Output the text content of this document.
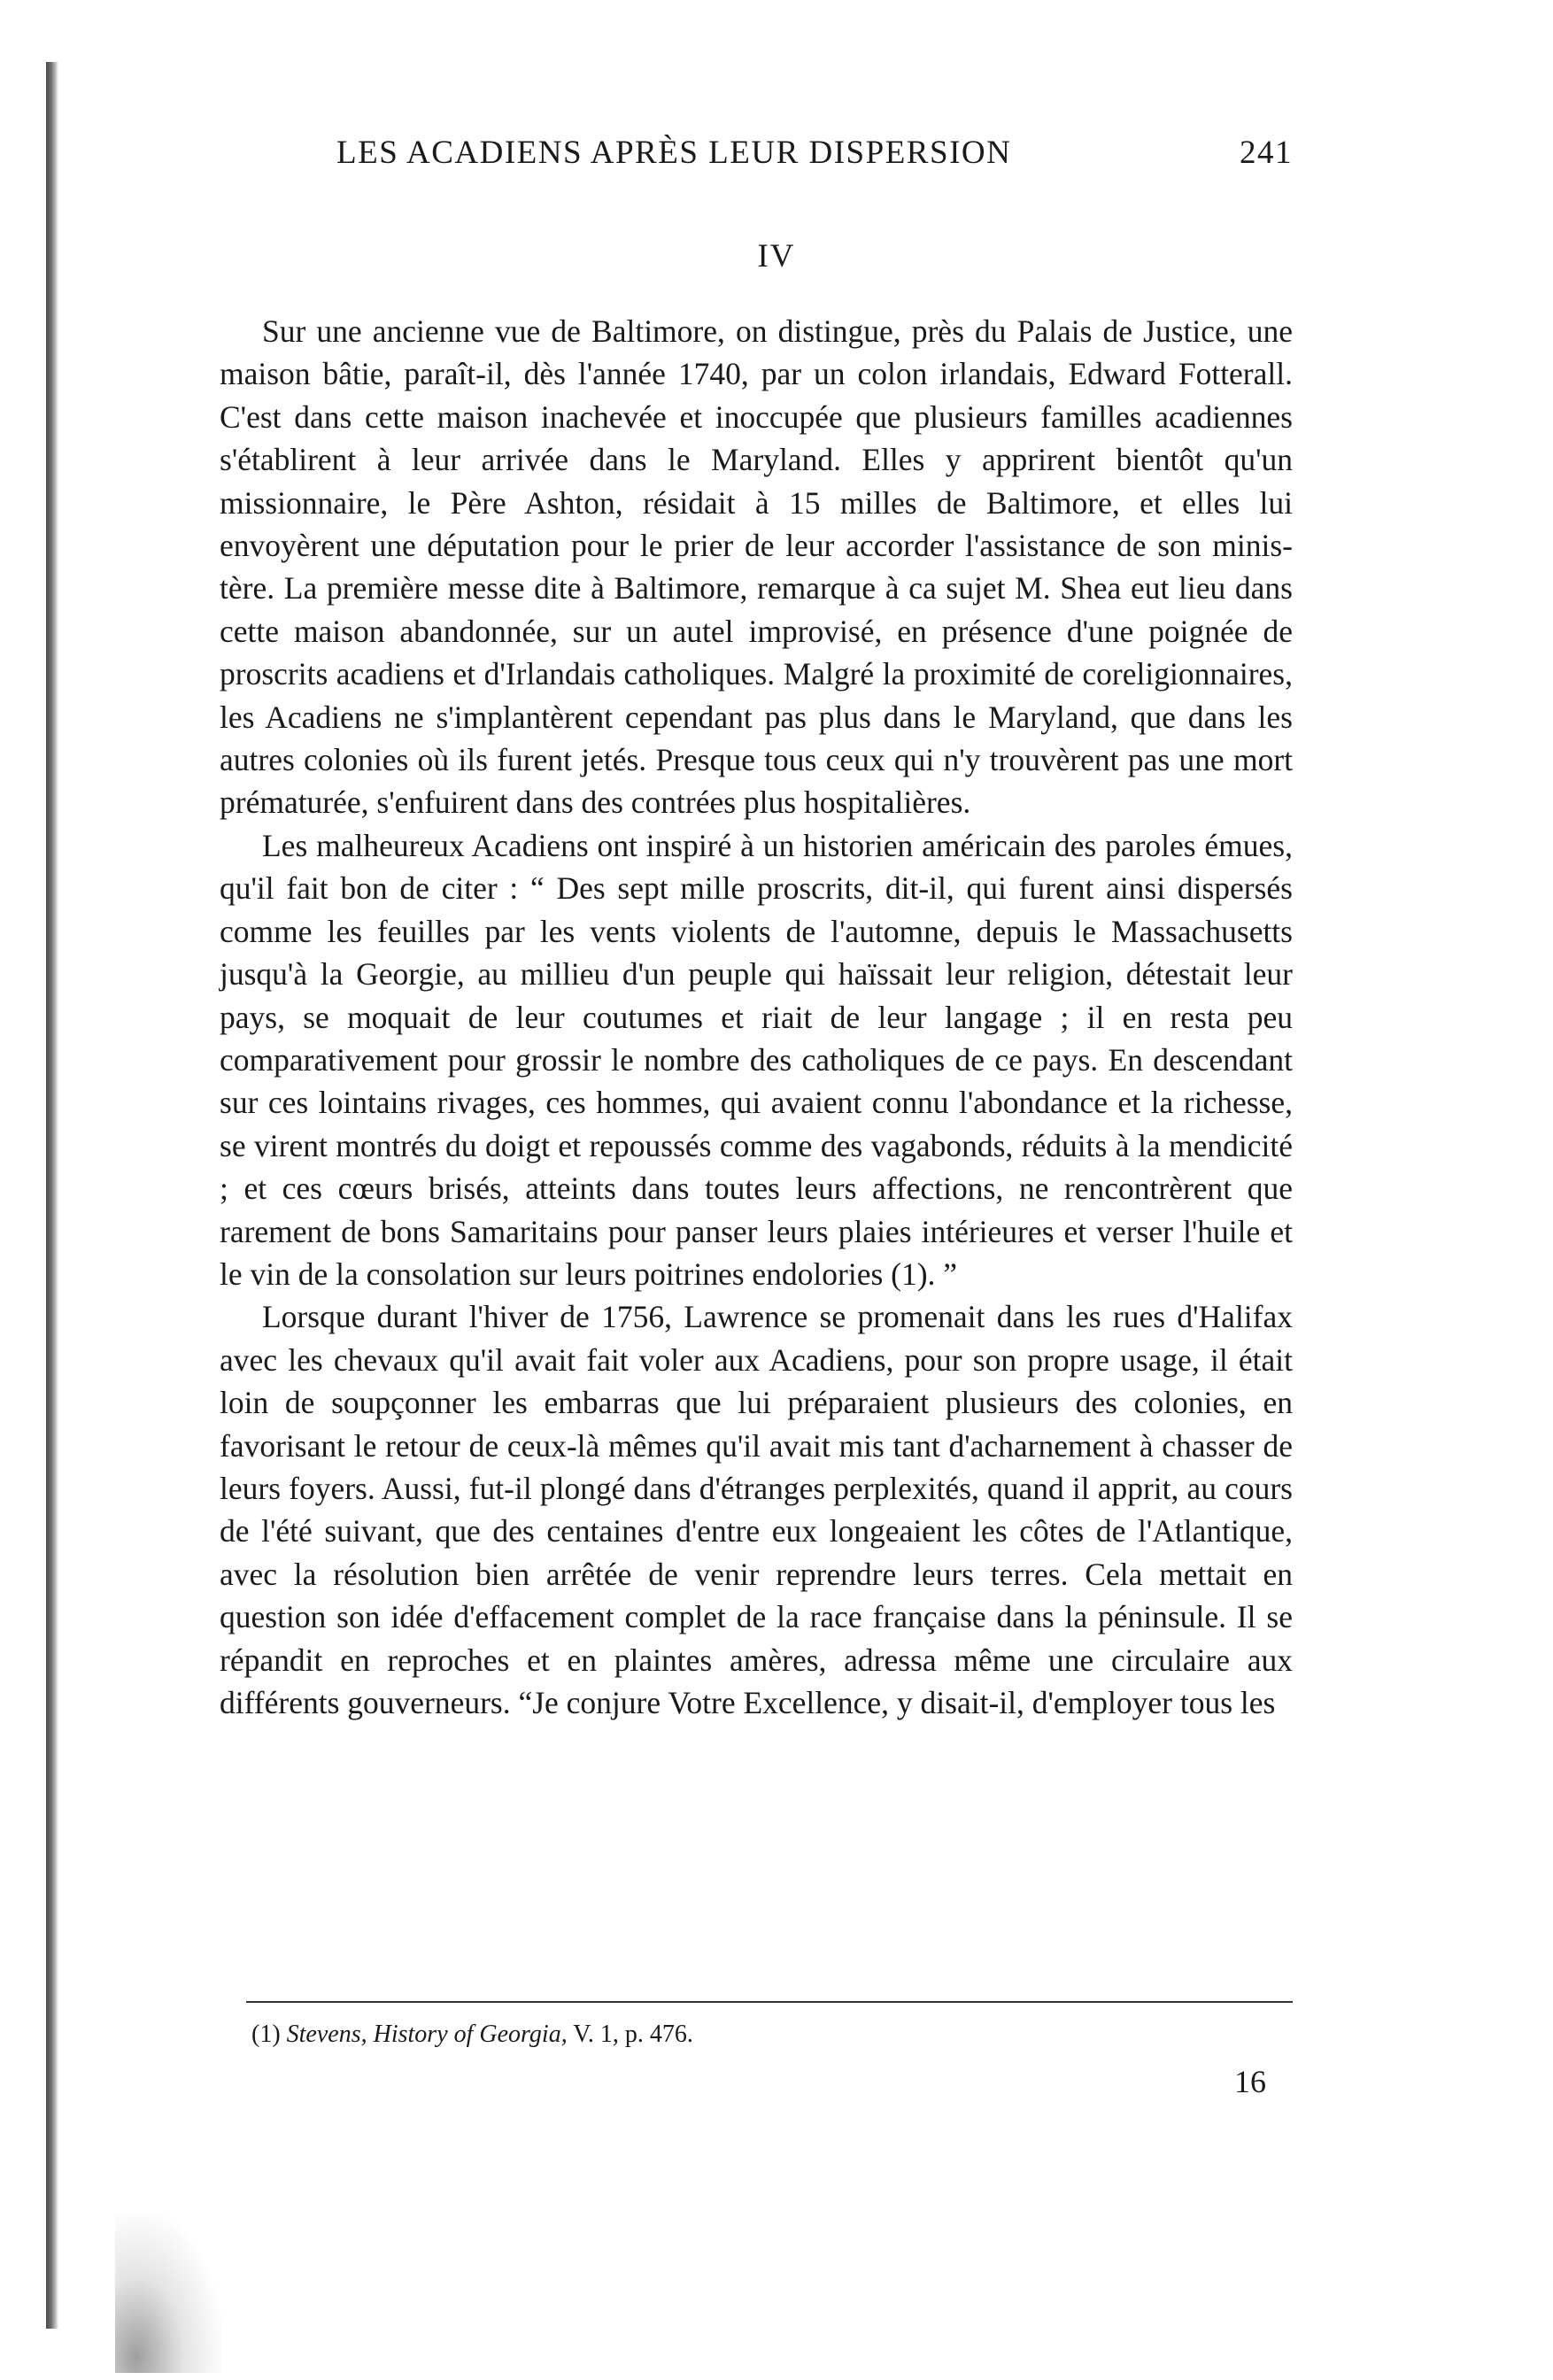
LES ACADIENS APRÈS LEUR DISPERSION	241
IV

Sur une ancienne vue de Baltimore, on distingue, près du Palais de Justice, une maison bâtie, paraît-il, dès l'année 1740, par un colon irlandais, Edward Fotterall. C'est dans cette maison inachevée et inoccupée que plusieurs familles acadiennes s'établirent à leur arrivée dans le Maryland. Elles y apprirent bientôt qu'un missionnaire, le Père Ashton, résidait à 15 milles de Baltimore, et elles lui envoyèrent une députation pour le prier de leur accorder l'assistance de son ministère. La première messe dite à Baltimore, remarque à ca sujet M. Shea eut lieu dans cette maison abandonnée, sur un autel improvisé, en présence d'une poignée de proscrits acadiens et d'Irlandais catholiques. Malgré la proximité de coreligionnaires, les Acadiens ne s'implantèrent cependant pas plus dans le Maryland, que dans les autres colonies où ils furent jetés. Presque tous ceux qui n'y trouvèrent pas une mort prématurée, s'enfuirent dans des contrées plus hospitalières.

Les malheureux Acadiens ont inspiré à un historien américain des paroles émues, qu'il fait bon de citer : “ Des sept mille proscrits, dit-il, qui furent ainsi dispersés comme les feuilles par les vents violents de l'automne, depuis le Massachusetts jusqu'à la Georgie, au millieu d'un peuple qui haïssait leur religion, détestait leur pays, se moquait de leur coutumes et riait de leur langage ; il en resta peu comparativement pour grossir le nombre des catholiques de ce pays. En descendant sur ces lointains rivages, ces hommes, qui avaient connu l'abondance et la richesse, se virent montrés du doigt et repoussés comme des vagabonds, réduits à la mendicité ; et ces cœurs brisés, atteints dans toutes leurs affections, ne rencontrèrent que rarement de bons Samaritains pour panser leurs plaies intérieures et verser l'huile et le vin de la consolation sur leurs poitrines endolories (1). ”

Lorsque durant l'hiver de 1756, Lawrence se promenait dans les rues d'Halifax avec les chevaux qu'il avait fait voler aux Acadiens, pour son propre usage, il était loin de soupçonner les embarras que lui préparaient plusieurs des colonies, en favorisant le retour de ceux-là mêmes qu'il avait mis tant d'acharnement à chasser de leurs foyers. Aussi, fut-il plongé dans d'étranges perplexités, quand il apprit, au cours de l'été suivant, que des centaines d'entre eux longeaient les côtes de l'Atlantique, avec la résolution bien arrêtée de venir reprendre leurs terres. Cela mettait en question son idée d'effacement complet de la race française dans la péninsule. Il se répandit en reproches et en plaintes amères, adressa même une circulaire aux différents gouverneurs. “Je conjure Votre Excellence, y disait-il, d'employer tous les

(1) Stevens, History of Georgia, V. 1, p. 476.
16
